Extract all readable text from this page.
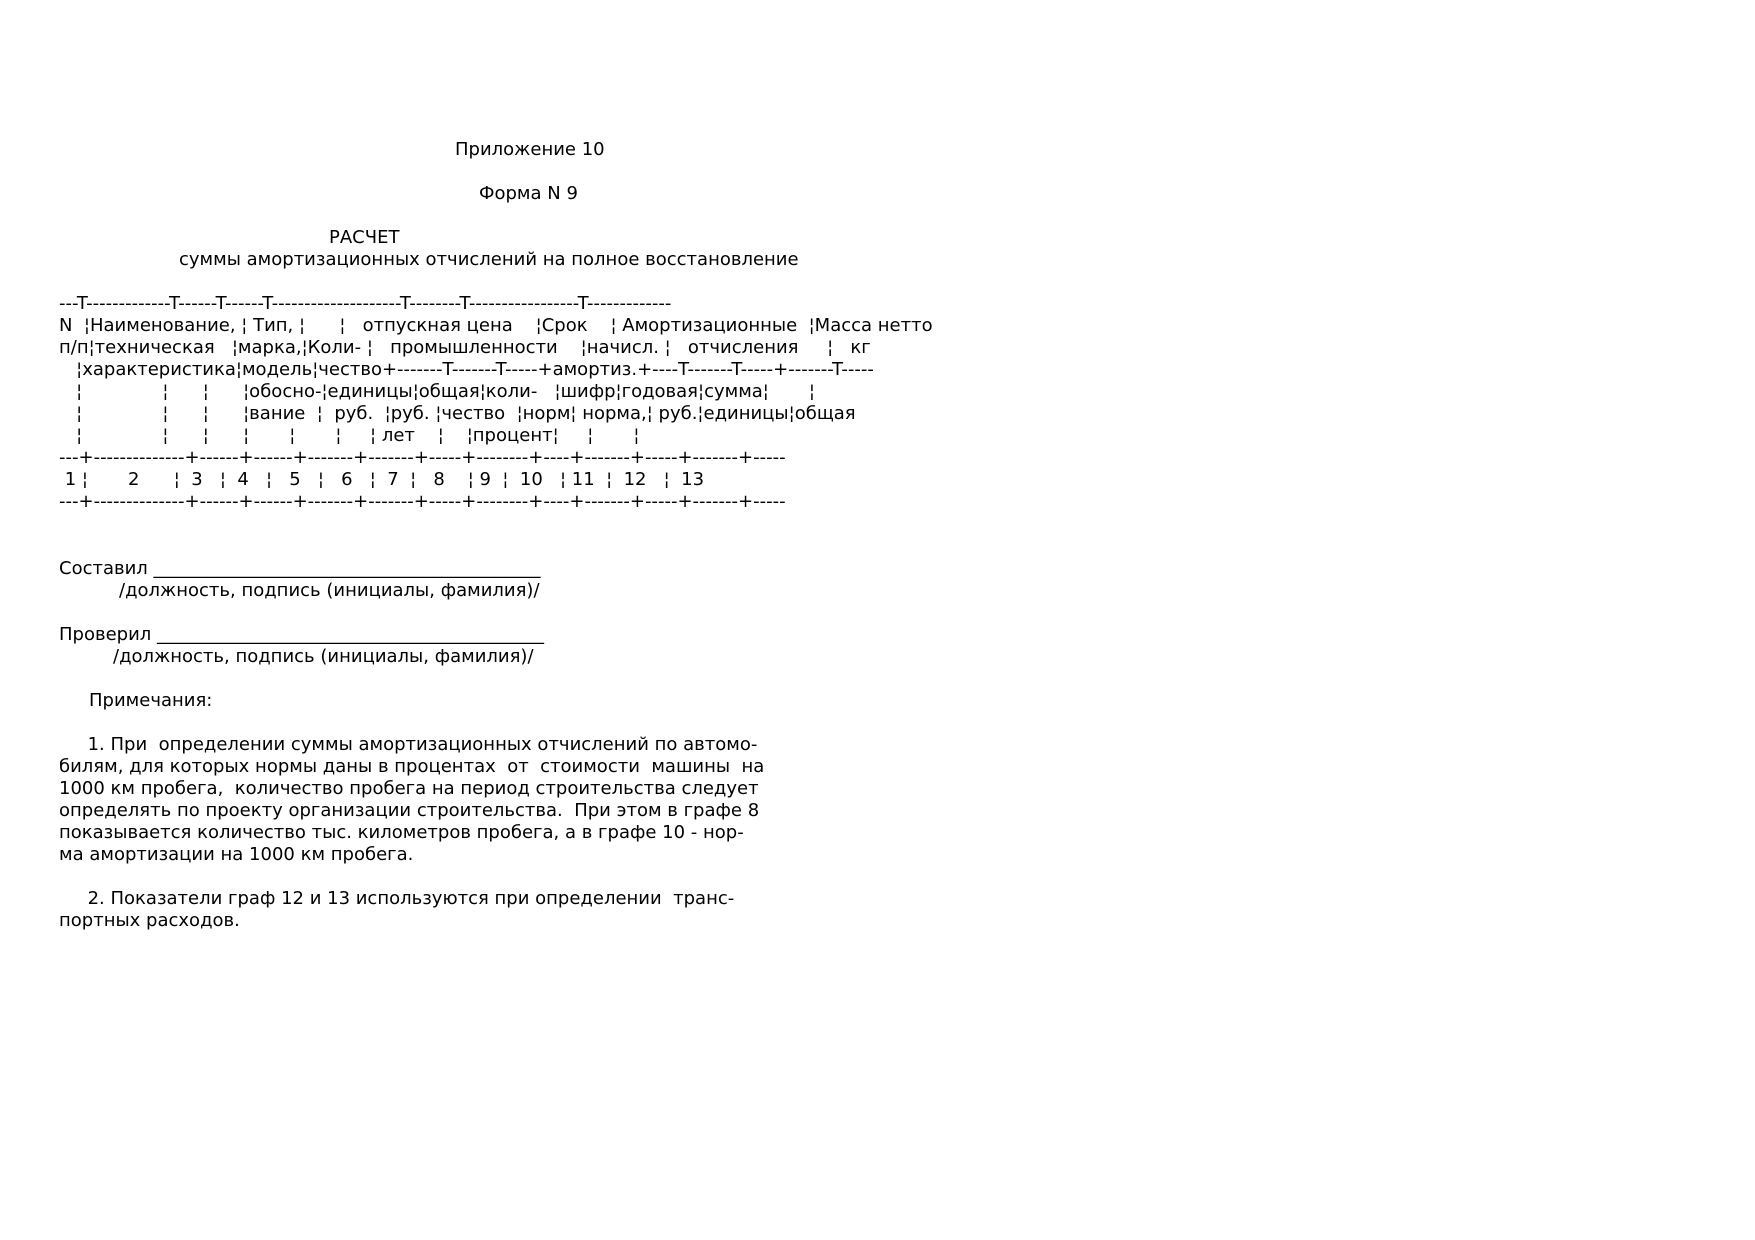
Приложение 10
Форма N 9
РАСЧЕТ
суммы амортизационных отчислений на полное восстановление
---T-------------T------T------T--------------------T--------T-----------------T-------------
N  ¦Наименование, ¦ Тип, ¦      ¦   отпускная цена    ¦Срок    ¦ Амортизационные  ¦Масса нетто
п/п¦техническая   ¦марка,¦Коли- ¦   промышленности    ¦начисл. ¦   отчисления     ¦   кг
¦характеристика¦модель¦чество+-------T-------T-----+амортиз.+----T-------T-----+-------T-----
¦              ¦      ¦      ¦обосно-¦единицы¦общая¦коли-   ¦шифр¦годовая¦сумма¦       ¦
¦              ¦      ¦      ¦вание  ¦  руб.  ¦руб. ¦чество  ¦норм¦ норма,¦ руб.¦единицы¦общая
¦              ¦      ¦      ¦       ¦       ¦     ¦ лет    ¦    ¦процент¦     ¦       ¦
---+--------------+------+------+-------+-------+-----+--------+----+-------+-----+-------+-----
1 ¦       2      ¦  3   ¦  4   ¦   5   ¦   6   ¦  7  ¦   8    ¦ 9  ¦  10   ¦ 11  ¦  12   ¦  13
---+--------------+------+------+-------+-------+-----+--------+----+-------+-----+-------+-----
Составил ___________________________________________
/должность, подпись (инициалы, фамилия)/
Проверил ___________________________________________
/должность, подпись (инициалы, фамилия)/
Примечания:
1. При  определении суммы амортизационных отчислений по автомо-
билям, для которых нормы даны в процентах  от  стоимости  машины  на
1000 км пробега,  количество пробега на период строительства следует
определять по проекту организации строительства.  При этом в графе 8
показывается количество тыс. километров пробега, а в графе 10 - нор-
ма амортизации на 1000 км пробега.
2. Показатели граф 12 и 13 используются при определении  транс-
портных расходов.
